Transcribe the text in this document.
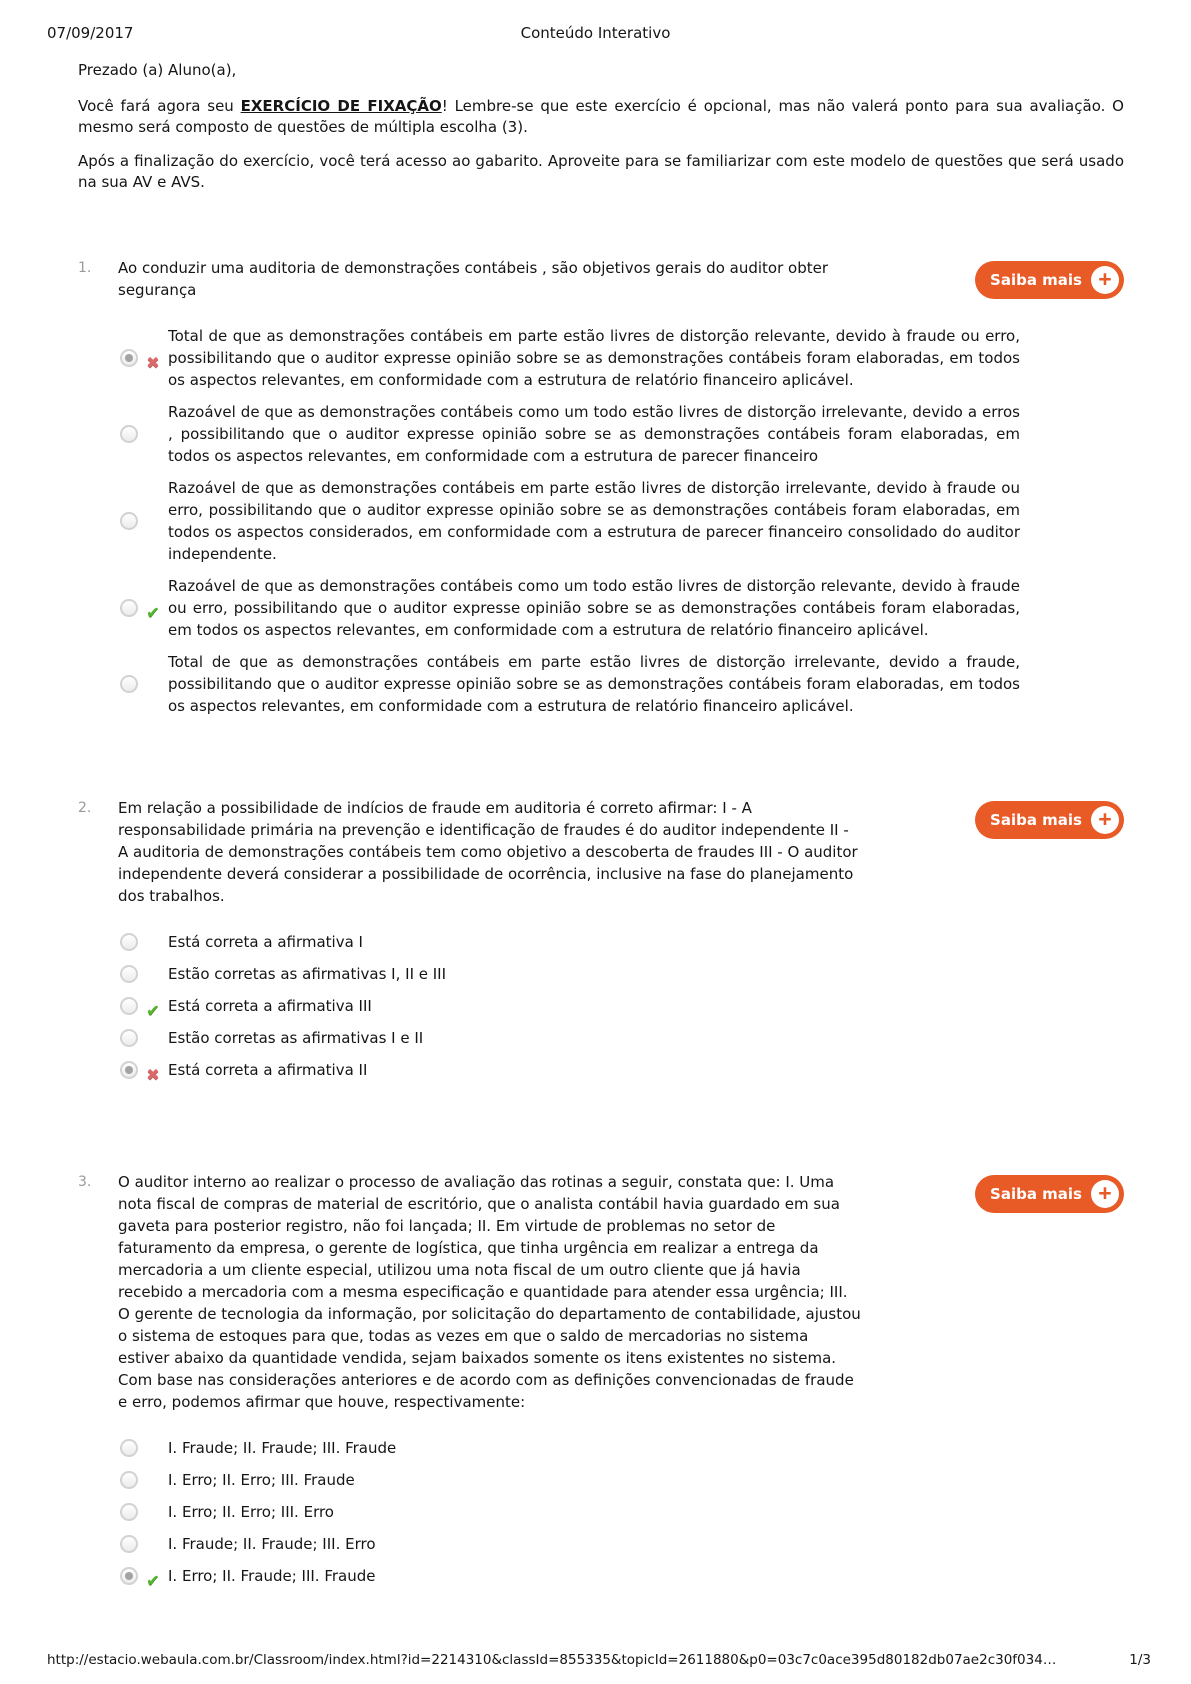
07/09/2017	Conteúdo Interativo

Prezado (a) Aluno(a),

Você fará agora seu EXERCÍCIO DE FIXAÇÃO! Lembre-se que este exercício é opcional, mas não valerá ponto para sua avaliação. O mesmo será composto de questões de múltipla escolha (3).

Após a finalização do exercício, você terá acesso ao gabarito. Aproveite para se familiarizar com este modelo de questões que será usado na sua AV e AVS.

1.	Ao conduzir uma auditoria de demonstrações contábeis , são objetivos gerais do auditor obter segurança
Saiba mais +
✖
Total de que as demonstrações contábeis em parte estão livres de distorção relevante, devido à fraude ou erro, possibilitando que o auditor expresse opinião sobre se as demonstrações contábeis foram elaboradas, em todos os aspectos relevantes, em conformidade com a estrutura de relatório financeiro aplicável.
Razoável de que as demonstrações contábeis como um todo estão livres de distorção irrelevante, devido a erros , possibilitando que o auditor expresse opinião sobre se as demonstrações contábeis foram elaboradas, em todos os aspectos relevantes, em conformidade com a estrutura de parecer financeiro
Razoável de que as demonstrações contábeis em parte estão livres de distorção irrelevante, devido à fraude ou erro, possibilitando que o auditor expresse opinião sobre se as demonstrações contábeis foram elaboradas, em todos os aspectos considerados, em conformidade com a estrutura de parecer financeiro consolidado do auditor independente.
✔
Razoável de que as demonstrações contábeis como um todo estão livres de distorção relevante, devido à fraude ou erro, possibilitando que o auditor expresse opinião sobre se as demonstrações contábeis foram elaboradas, em todos os aspectos relevantes, em conformidade com a estrutura de relatório financeiro aplicável.
Total de que as demonstrações contábeis em parte estão livres de distorção irrelevante, devido a fraude, possibilitando que o auditor expresse opinião sobre se as demonstrações contábeis foram elaboradas, em todos os aspectos relevantes, em conformidade com a estrutura de relatório financeiro aplicável.
2.	Em relação a possibilidade de indícios de fraude em auditoria é correto afirmar: I - A responsabilidade primária na prevenção e identificação de fraudes é do auditor independente II - A auditoria de demonstrações contábeis tem como objetivo a descoberta de fraudes III - O auditor independente deverá considerar a possibilidade de ocorrência, inclusive na fase do planejamento dos trabalhos.
Saiba mais +
Está correta a afirmativa I
Estão corretas as afirmativas I, II e III
✔ Está correta a afirmativa III
Estão corretas as afirmativas I e II
✖ Está correta a afirmativa II
3.	O auditor interno ao realizar o processo de avaliação das rotinas a seguir, constata que: I. Uma nota fiscal de compras de material de escritório, que o analista contábil havia guardado em sua gaveta para posterior registro, não foi lançada; II. Em virtude de problemas no setor de faturamento da empresa, o gerente de logística, que tinha urgência em realizar a entrega da mercadoria a um cliente especial, utilizou uma nota fiscal de um outro cliente que já havia recebido a mercadoria com a mesma especificação e quantidade para atender essa urgência; III. O gerente de tecnologia da informação, por solicitação do departamento de contabilidade, ajustou o sistema de estoques para que, todas as vezes em que o saldo de mercadorias no sistema estiver abaixo da quantidade vendida, sejam baixados somente os itens existentes no sistema. Com base nas considerações anteriores e de acordo com as definições convencionadas de fraude e erro, podemos afirmar que houve, respectivamente:
Saiba mais +
I. Fraude; II. Fraude; III. Fraude
I. Erro; II. Erro; III. Fraude
I. Erro; II. Erro; III. Erro
I. Fraude; II. Fraude; III. Erro
✔ I. Erro; II. Fraude; III. Fraude
http://estacio.webaula.com.br/Classroom/index.html?id=2214310&classId=855335&topicId=2611880&p0=03c7c0ace395d80182db07ae2c30f034…	1/3
